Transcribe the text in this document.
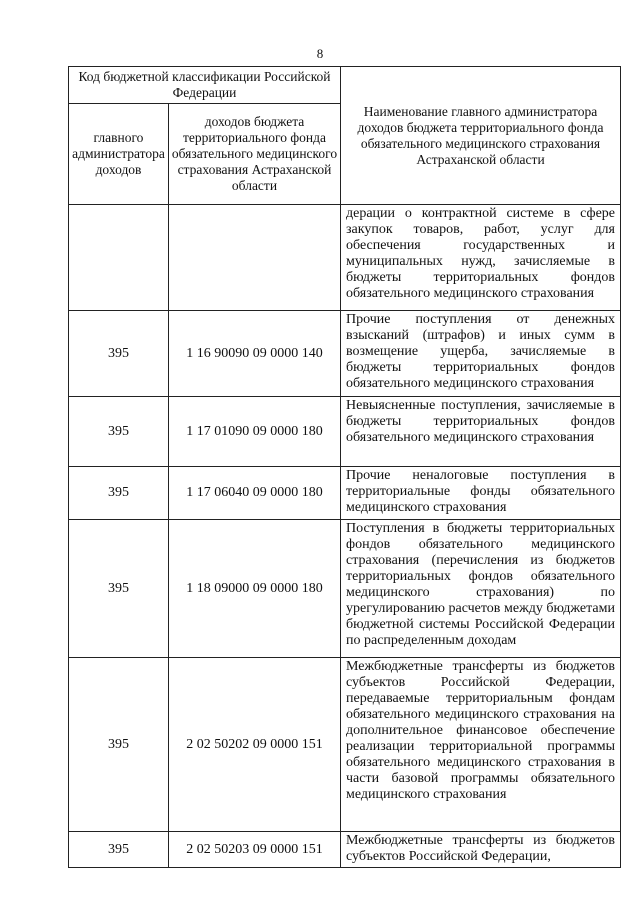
8
Код бюджетной классификации Российской Федерации		Наименование главного администратора доходов бюджета территориального фонда обязательного медицинского страхования Астраханской области
главного администратора доходов	доходов бюджета территориального фонда обязательного медицинского страхования Астраханской области	
		дерации о контрактной системе в сфере закупок товаров, работ, услуг для обеспечения государственных и муниципальных нужд, зачисляемые в бюджеты территориальных фондов обязательного медицинского страхования
395	1 16 90090 09 0000 140	Прочие поступления от денежных взысканий (штрафов) и иных сумм в возмещение ущерба, зачисляемые в бюджеты территориальных фондов обязательного медицинского страхования
395	1 17 01090 09 0000 180	Невыясненные поступления, зачисляемые в бюджеты территориальных фондов обязательного медицинского страхования
395	1 17 06040 09 0000 180	Прочие неналоговые поступления в территориальные фонды обязательного медицинского страхования
395	1 18 09000 09 0000 180	Поступления в бюджеты территориальных фондов обязательного медицинского страхования (перечисления из бюджетов территориальных фондов обязательного медицинского страхования) по урегулированию расчетов между бюджетами бюджетной системы Российской Федерации по распределенным доходам
395	2 02 50202 09 0000 151	Межбюджетные трансферты из бюджетов субъектов Российской Федерации, передаваемые территориальным фондам обязательного медицинского страхования на дополнительное финансовое обеспечение реализации территориальной программы обязательного медицинского страхования в части базовой программы обязательного медицинского страхования
395	2 02 50203 09 0000 151	Межбюджетные трансферты из бюджетов субъектов Российской Федерации,
